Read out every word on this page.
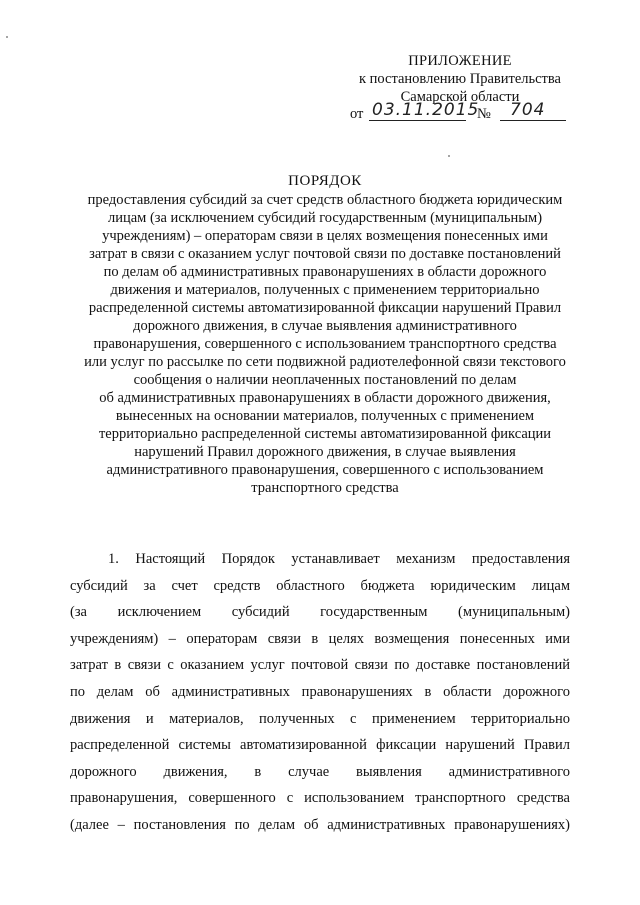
ПРИЛОЖЕНИЕ
к постановлению Правительства
Самарской области
от 03.11.2015
№ 704
ПОРЯДОК
предоставления субсидий за счет средств областного бюджета юридическим
лицам (за исключением субсидий государственным (муниципальным)
учреждениям) – операторам связи в целях возмещения понесенных ими
затрат в связи с оказанием услуг почтовой связи по доставке постановлений
по делам об административных правонарушениях в области дорожного
движения и материалов, полученных с применением территориально
распределенной системы автоматизированной фиксации нарушений Правил
дорожного движения, в случае выявления административного
правонарушения, совершенного с использованием транспортного средства
или услуг по рассылке по сети подвижной радиотелефонной связи текстового
сообщения о наличии неоплаченных постановлений по делам
об административных правонарушениях в области дорожного движения,
вынесенных на основании материалов, полученных с применением
территориально распределенной системы автоматизированной фиксации
нарушений Правил дорожного движения, в случае выявления
административного правонарушения, совершенного с использованием
транспортного средства
1. Настоящий Порядок устанавливает механизм предоставления
субсидий за счет средств областного бюджета юридическим лицам
(за исключением субсидий государственным (муниципальным)
учреждениям) – операторам связи в целях возмещения понесенных ими
затрат в связи с оказанием услуг почтовой связи по доставке постановлений
по делам об административных правонарушениях в области дорожного
движения и материалов, полученных с применением территориально
распределенной системы автоматизированной фиксации нарушений Правил
дорожного движения, в случае выявления административного
правонарушения, совершенного с использованием транспортного средства
(далее – постановления по делам об административных правонарушениях)
